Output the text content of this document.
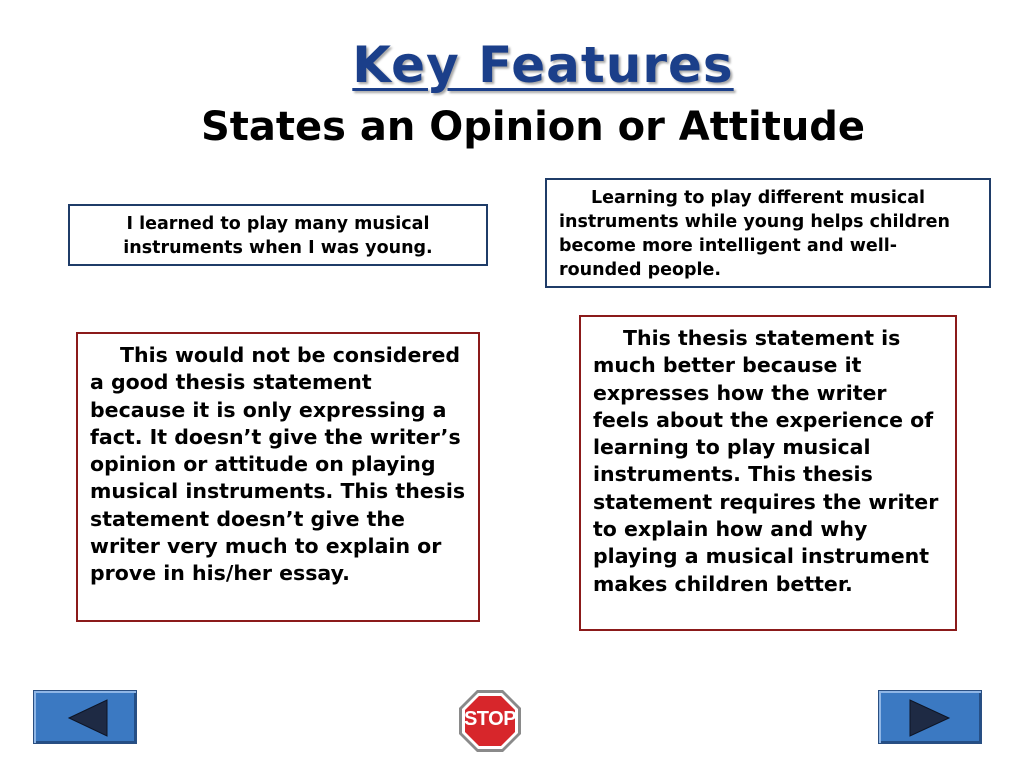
Key Features
States an Opinion or Attitude
I learned to play many musical instruments when I was young.
Learning to play different musical instruments while young helps children become more intelligent and well-rounded people.
This would not be considered a good thesis statement because it is only expressing a fact. It doesn’t give the writer’s opinion or attitude on playing musical instruments. This thesis statement doesn’t give the writer very much to explain or prove in his/her essay.
This thesis statement is much better because it expresses how the writer feels about the experience of learning to play musical instruments. This thesis statement requires the writer to explain how and why playing a musical instrument makes children better.
STOP
